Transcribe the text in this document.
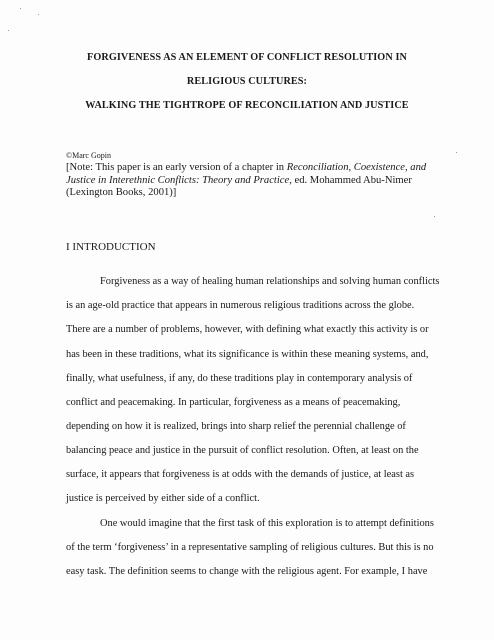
FORGIVENESS AS AN ELEMENT OF CONFLICT RESOLUTION IN
RELIGIOUS CULTURES:
WALKING THE TIGHTROPE OF RECONCILIATION AND JUSTICE
©Marc Gopin
[Note: This paper is an early version of a chapter in Reconciliation, Coexistence, and Justice in Interethnic Conflicts: Theory and Practice, ed. Mohammed Abu-Nimer (Lexington Books, 2001)]
I INTRODUCTION
Forgiveness as a way of healing human relationships and solving human conflicts
is an age-old practice that appears in numerous religious traditions across the globe.
There are a number of problems, however, with defining what exactly this activity is or
has been in these traditions, what its significance is within these meaning systems, and,
finally, what usefulness, if any, do these traditions play in contemporary analysis of
conflict and peacemaking. In particular, forgiveness as a means of peacemaking,
depending on how it is realized, brings into sharp relief the perennial challenge of
balancing peace and justice in the pursuit of conflict resolution. Often, at least on the
surface, it appears that forgiveness is at odds with the demands of justice, at least as
justice is perceived by either side of a conflict.
One would imagine that the first task of this exploration is to attempt definitions
of the term ‘forgiveness’ in a representative sampling of religious cultures. But this is no
easy task. The definition seems to change with the religious agent. For example, I have
